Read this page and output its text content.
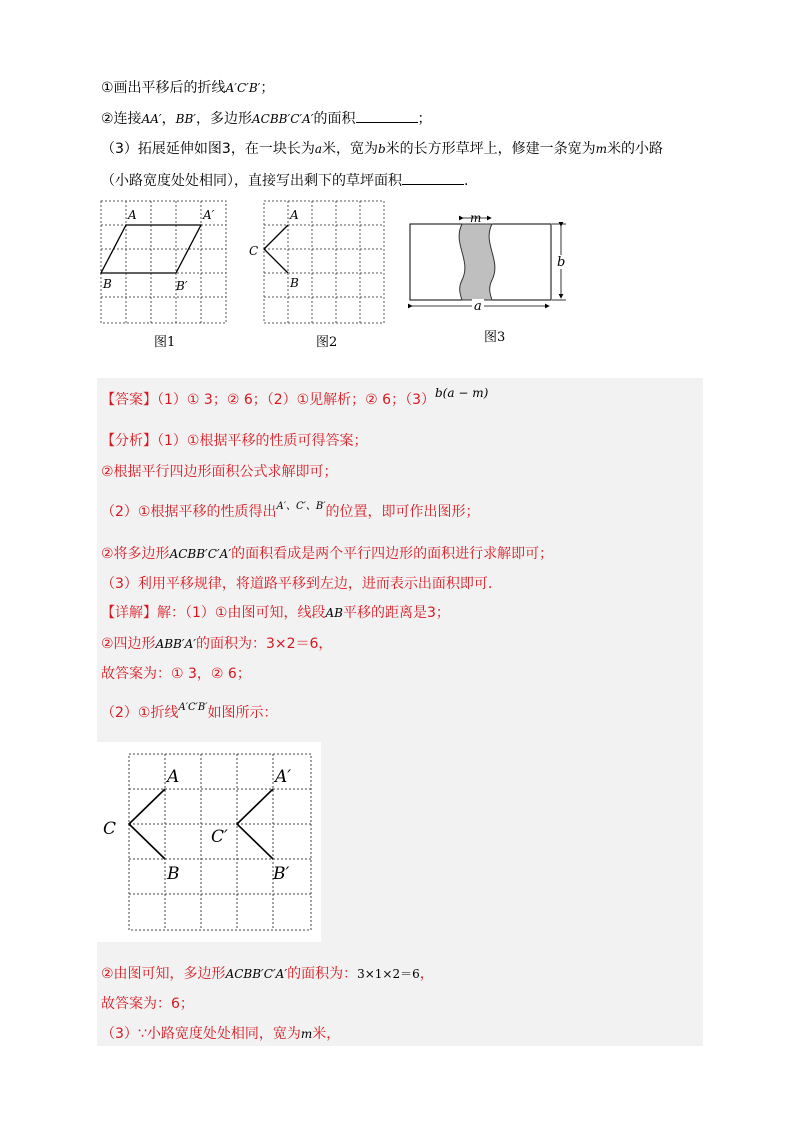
①画出平移后的折线A′C′B′；
②连接AA′，BB′，多边形ACBB′C′A′的面积	；
（3）拓展延伸如图3，在一块长为a米，宽为b米的长方形草坪上，修建一条宽为m米的小路
（小路宽度处处相同），直接写出剩下的草坪面积	.
A	A′
B	B′
图1
A
B
C
图2
m
a
b
图3
【答案】（1）① 3；② 6；（2）①见解析；② 6；（3）b(a − m)
【分析】（1）①根据平移的性质可得答案；
②根据平行四边形面积公式求解即可；
（2）①根据平移的性质得出$^{A'、C'、B'}$的位置，即可作出图形；
②将多边形ACBB′C′A′的面积看成是两个平行四边形的面积进行求解即可；
（3）利用平移规律，将道路平移到左边，进而表示出面积即可.
【详解】解：（1）①由图可知，线段AB平移的距离是3；
②四边形ABB′A′的面积为：3×2＝6，
故答案为：① 3，② 6；
（2）①折线$^{A'C'B'}$如图所示：
A
B
C
A′
B′
C′
②由图可知，多边形ACBB′C′A′的面积为：3×1×2＝6，
故答案为：6；
（3）∵小路宽度处处相同，宽为m米，
